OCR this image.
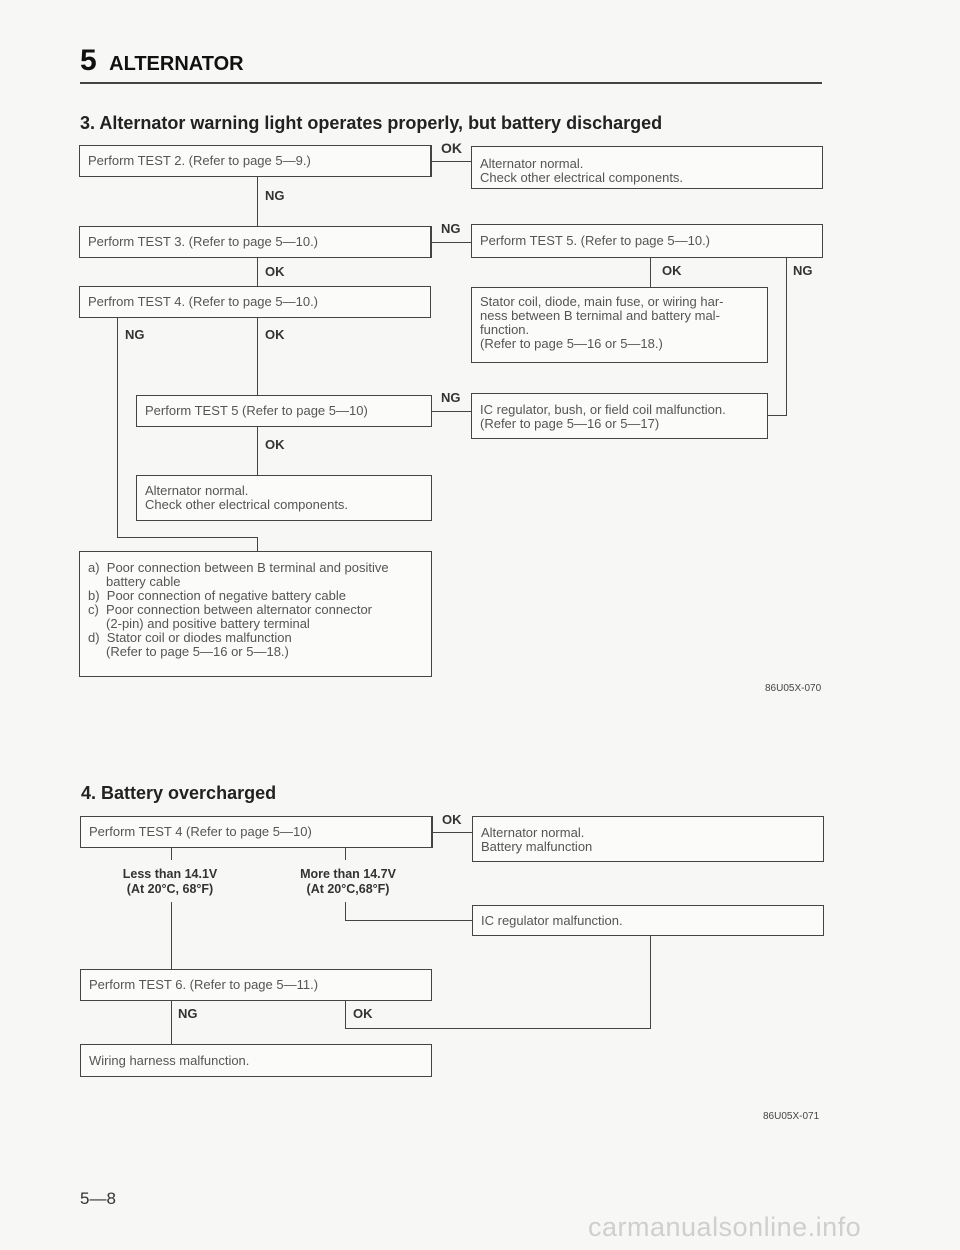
5 ALTERNATOR
3. Alternator warning light operates properly, but battery discharged
Perform TEST 2. (Refer to page 5—9.)	Alternator normal.
Check other electrical components.
Perform TEST 3. (Refer to page 5—10.)	Perform TEST 5. (Refer to page 5—10.)
Perfrom TEST 4. (Refer to page 5—10.)	Stator coil, diode, main fuse, or wiring har-
ness between B ternimal and battery mal-
function.
(Refer to page 5—16 or 5—18.)
Perform TEST 5 (Refer to page 5—10)	IC regulator, bush, or field coil malfunction.
(Refer to page 5—16 or 5—17)
Alternator normal.
Check other electrical components.
a)  Poor connection between B terminal and positive
battery cable
b)  Poor connection of negative battery cable
c)  Poor connection between alternator connector
(2-pin) and positive battery terminal
d)  Stator coil or diodes malfunction
(Refer to page 5—16 or 5—18.)
OK
NG
NG
OK	OK	NG
NG	OK
NG
OK
86U05X-070
4. Battery overcharged
Perform TEST 4 (Refer to page 5—10)	Alternator normal.
Battery malfunction
Less than 14.1V
(At 20°C, 68°F)
More than 14.7V
(At 20°C,68°F)
IC regulator malfunction.
Perform TEST 6. (Refer to page 5—11.)
Wiring harness malfunction.
OK
NG	OK
86U05X-071
5—8
carmanualsonline.info
